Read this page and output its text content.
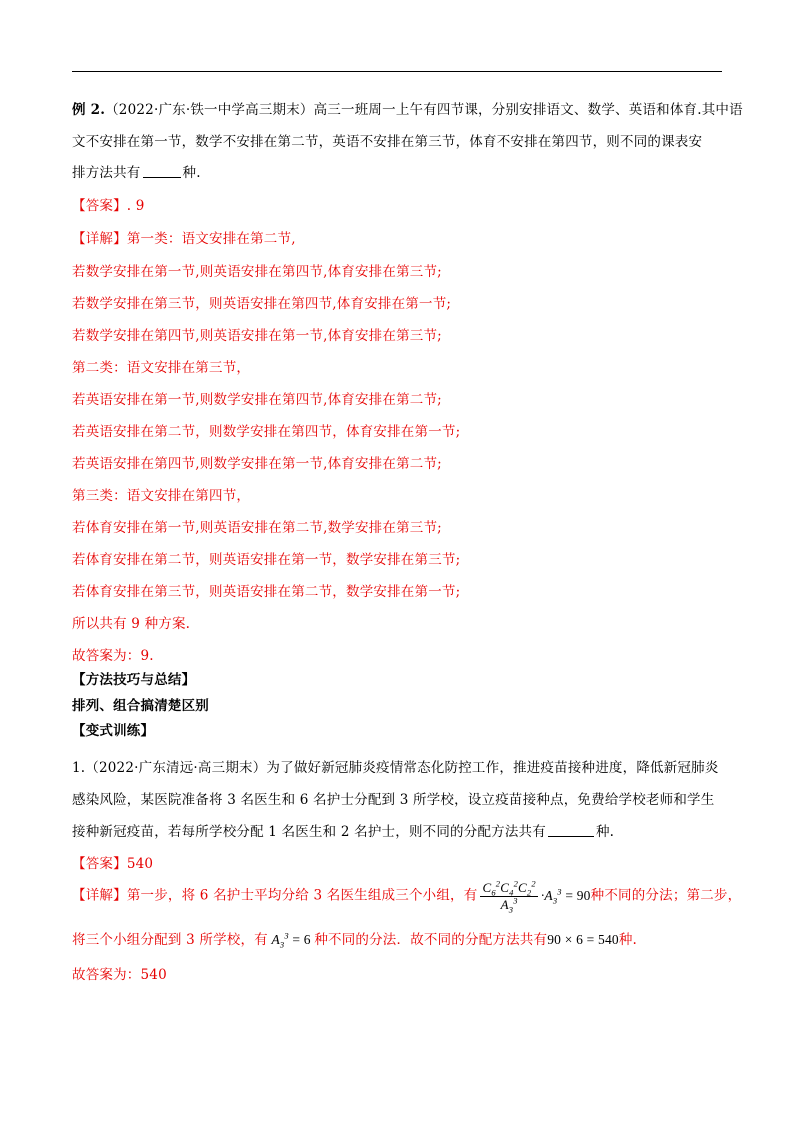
例 2.（2022·广东·铁一中学高三期末）高三一班周一上午有四节课，分别安排语文、数学、英语和体育.其中语
文不安排在第一节，数学不安排在第二节，英语不安排在第三节，体育不安排在第四节，则不同的课表安
排方法共有	种.
【答案】. 9
【详解】第一类：语文安排在第二节,
若数学安排在第一节,则英语安排在第四节,体育安排在第三节;
若数学安排在第三节，则英语安排在第四节,体育安排在第一节;
若数学安排在第四节,则英语安排在第一节,体育安排在第三节;
第二类：语文安排在第三节，
若英语安排在第一节,则数学安排在第四节,体育安排在第二节;
若英语安排在第二节，则数学安排在第四节，体育安排在第一节;
若英语安排在第四节,则数学安排在第一节,体育安排在第二节;
第三类：语文安排在第四节，
若体育安排在第一节,则英语安排在第二节,数学安排在第三节;
若体育安排在第二节，则英语安排在第一节，数学安排在第三节;
若体育安排在第三节，则英语安排在第二节，数学安排在第一节;
所以共有 9 种方案.
故答案为：9.
【方法技巧与总结】
排列、组合搞清楚区别
【变式训练】
1.（2022·广东清远·高三期末）为了做好新冠肺炎疫情常态化防控工作，推进疫苗接种进度，降低新冠肺炎
感染风险，某医院准备将 3 名医生和 6 名护士分配到 3 所学校，设立疫苗接种点，免费给学校老师和学生
接种新冠疫苗，若每所学校分配 1 名医生和 2 名护士，则不同的分配方法共有	种.
【答案】540
【详解】第一步，将 6 名护士平均分给 3 名医生组成三个小组，有 $\frac{C_6^2C_4^2C_2^2}{A_3^3} \cdot A_3^3 = 90$种不同的分法；第二步，
将三个小组分配到 3 所学校，有 $A_3^3 = 6$ 种不同的分法．故不同的分配方法共有90 × 6 = 540种.
故答案为：540
